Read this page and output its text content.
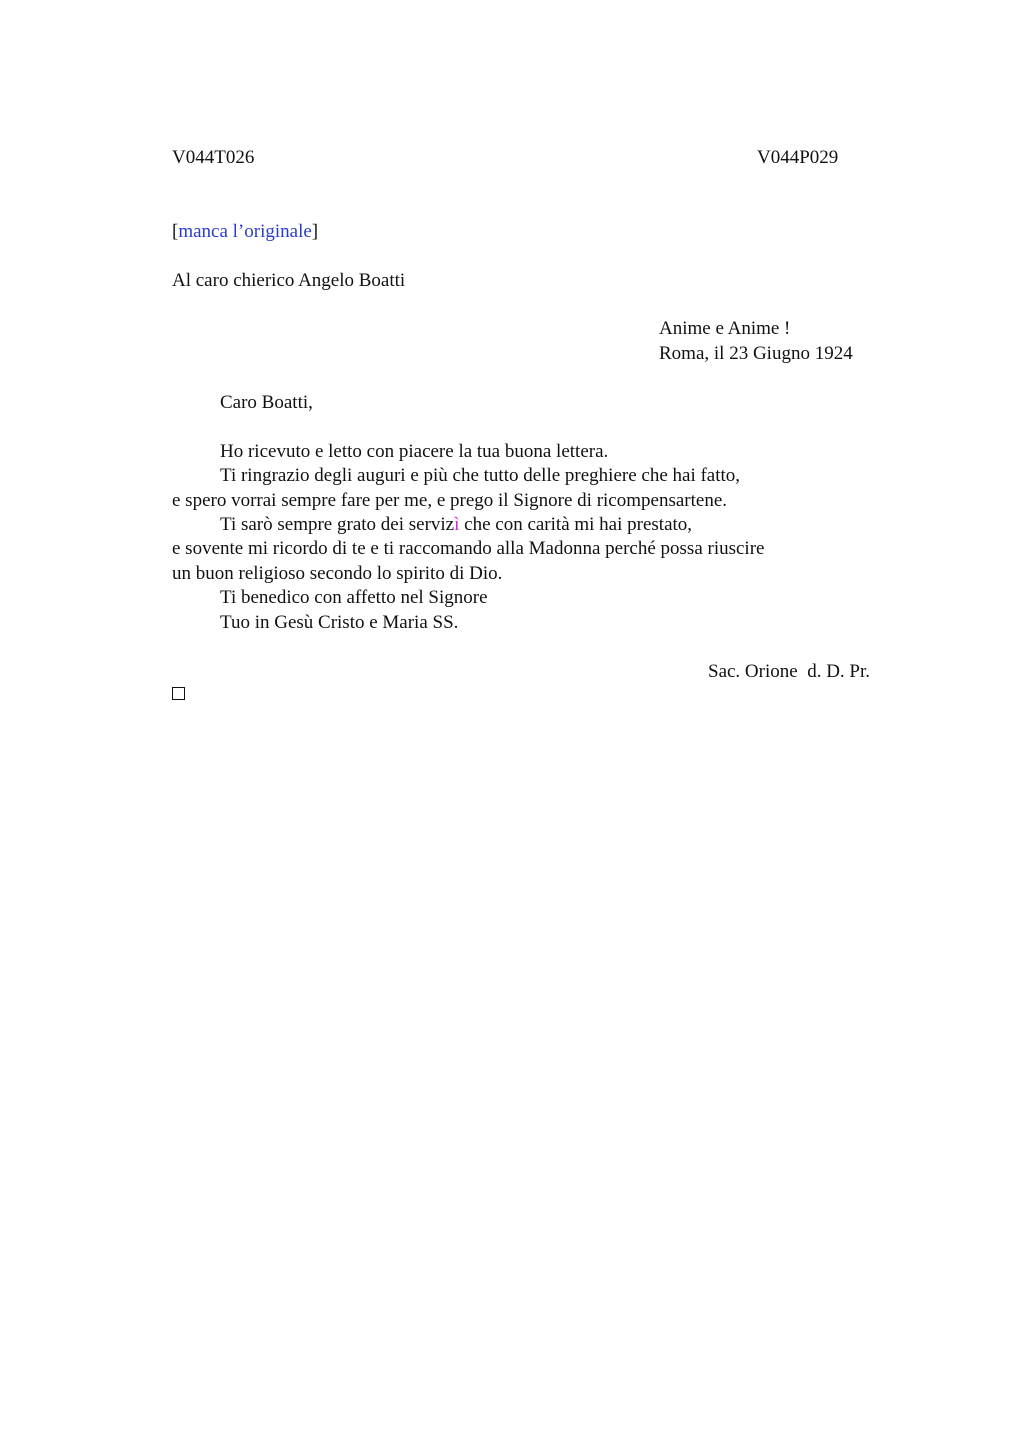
V044T026	V044P029
[manca l’originale]
Al caro chierico Angelo Boatti
Anime e Anime !
Roma, il 23 Giugno 1924
Caro Boatti,
Ho ricevuto e letto con piacere la tua buona lettera.
Ti ringrazio degli auguri e più che tutto delle preghiere che hai fatto,
e spero vorrai sempre fare per me, e prego il Signore di ricompensartene.
Ti sarò sempre grato dei servizì che con carità mi hai prestato,
e sovente mi ricordo di te e ti raccomando alla Madonna perché possa riuscire
un buon religioso secondo lo spirito di Dio.
Ti benedico con affetto nel Signore
Tuo in Gesù Cristo e Maria SS.
Sac. Orione  d. D. Pr.
